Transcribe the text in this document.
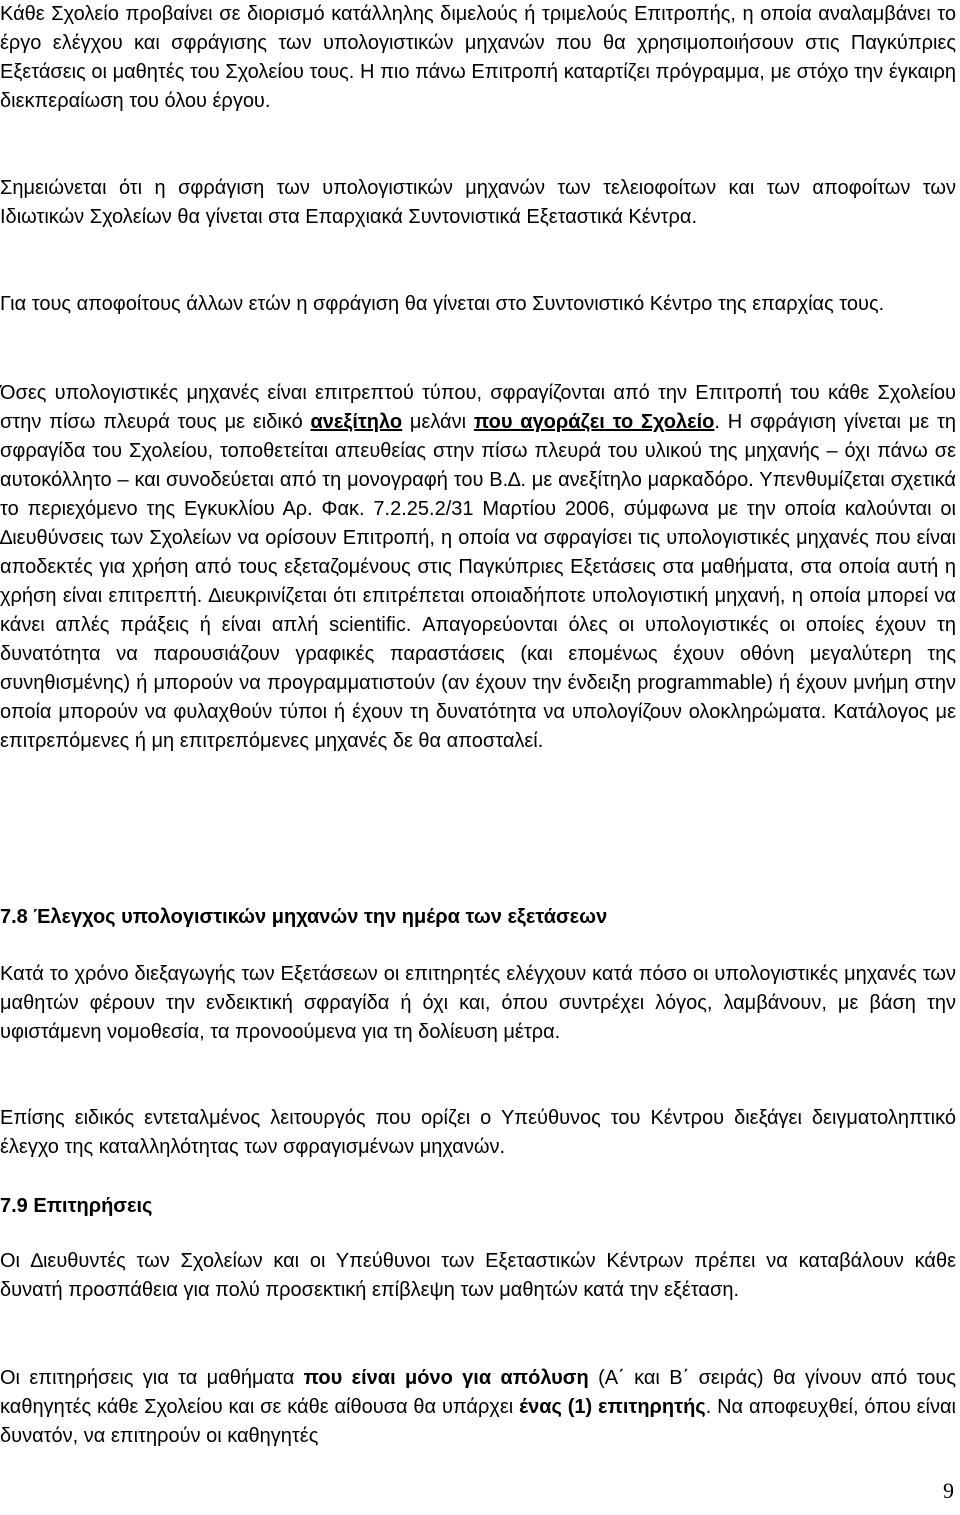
Κάθε Σχολείο προβαίνει σε διορισμό κατάλληλης διμελούς ή τριμελούς Επιτροπής, η οποία αναλαμβάνει το έργο ελέγχου και σφράγισης των υπολογιστικών μηχανών που θα χρησιμοποιήσουν στις Παγκύπριες Εξετάσεις οι μαθητές του Σχολείου τους. Η πιο πάνω Επιτροπή καταρτίζει πρόγραμμα, με στόχο την έγκαιρη διεκπεραίωση του όλου έργου.

Σημειώνεται ότι η σφράγιση των υπολογιστικών μηχανών των τελειοφοίτων και των αποφοίτων των Ιδιωτικών Σχολείων θα γίνεται στα Επαρχιακά Συντονιστικά Εξεταστικά Κέντρα.

Για τους αποφοίτους άλλων ετών η σφράγιση θα γίνεται στο Συντονιστικό Κέντρο της επαρχίας τους.

Όσες υπολογιστικές μηχανές είναι επιτρεπτού τύπου, σφραγίζονται από την Επιτροπή του κάθε Σχολείου στην πίσω πλευρά τους με ειδικό ανεξίτηλο μελάνι που αγοράζει το Σχολείο. Η σφράγιση γίνεται με τη σφραγίδα του Σχολείου, τοποθετείται απευθείας στην πίσω πλευρά του υλικού της μηχανής – όχι πάνω σε αυτοκόλλητο – και συνοδεύεται από τη μονογραφή του Β.∆. με ανεξίτηλο μαρκαδόρο. Υπενθυμίζεται σχετικά το περιεχόμενο της Εγκυκλίου Αρ. Φακ. 7.2.25.2/31 Μαρτίου 2006, σύμφωνα με την οποία καλούνται οι ∆ιευθύνσεις των Σχολείων να ορίσουν Επιτροπή, η οποία να σφραγίσει τις υπολογιστικές μηχανές που είναι αποδεκτές για χρήση από τους εξεταζομένους στις Παγκύπριες Εξετάσεις στα μαθήματα, στα οποία αυτή η χρήση είναι επιτρεπτή. ∆ιευκρινίζεται ότι επιτρέπεται οποιαδήποτε υπολογιστική μηχανή, η οποία μπορεί να κάνει απλές πράξεις ή είναι απλή scientific. Απαγορεύονται όλες οι υπολογιστικές οι οποίες έχουν τη δυνατότητα να παρουσιάζουν γραφικές παραστάσεις (και επομένως έχουν οθόνη μεγαλύτερη της συνηθισμένης) ή μπορούν να προγραμματιστούν (αν έχουν την ένδειξη programmable) ή έχουν μνήμη στην οποία μπορούν να φυλαχθούν τύποι ή έχουν τη δυνατότητα να υπολογίζουν ολοκληρώματα. Κατάλογος με επιτρεπόμενες ή μη επιτρεπόμενες μηχανές δε θα αποσταλεί.

7.8 Έλεγχος υπολογιστικών μηχανών την ημέρα των εξετάσεων

Κατά το χρόνο διεξαγωγής των Εξετάσεων οι επιτηρητές ελέγχουν κατά πόσο οι υπολογιστικές μηχανές των μαθητών φέρουν την ενδεικτική σφραγίδα ή όχι και, όπου συντρέχει λόγος, λαμβάνουν, με βάση την υφιστάμενη νομοθεσία, τα προνοούμενα για τη δολίευση μέτρα.

Επίσης ειδικός εντεταλμένος λειτουργός που ορίζει ο Υπεύθυνος του Κέντρου διεξάγει δειγματοληπτικό έλεγχο της καταλληλότητας των σφραγισμένων μηχανών.

7.9 Επιτηρήσεις

Οι ∆ιευθυντές των Σχολείων και οι Υπεύθυνοι των Εξεταστικών Κέντρων πρέπει να καταβάλουν κάθε δυνατή προσπάθεια για πολύ προσεκτική επίβλεψη των μαθητών κατά την εξέταση.

Οι επιτηρήσεις για τα μαθήματα που είναι μόνο για απόλυση (Α΄ και Β΄ σειράς) θα γίνουν από τους καθηγητές κάθε Σχολείου και σε κάθε αίθουσα θα υπάρχει ένας (1) επιτηρητής. Να αποφευχθεί, όπου είναι δυνατόν, να επιτηρούν οι καθηγητές

9
